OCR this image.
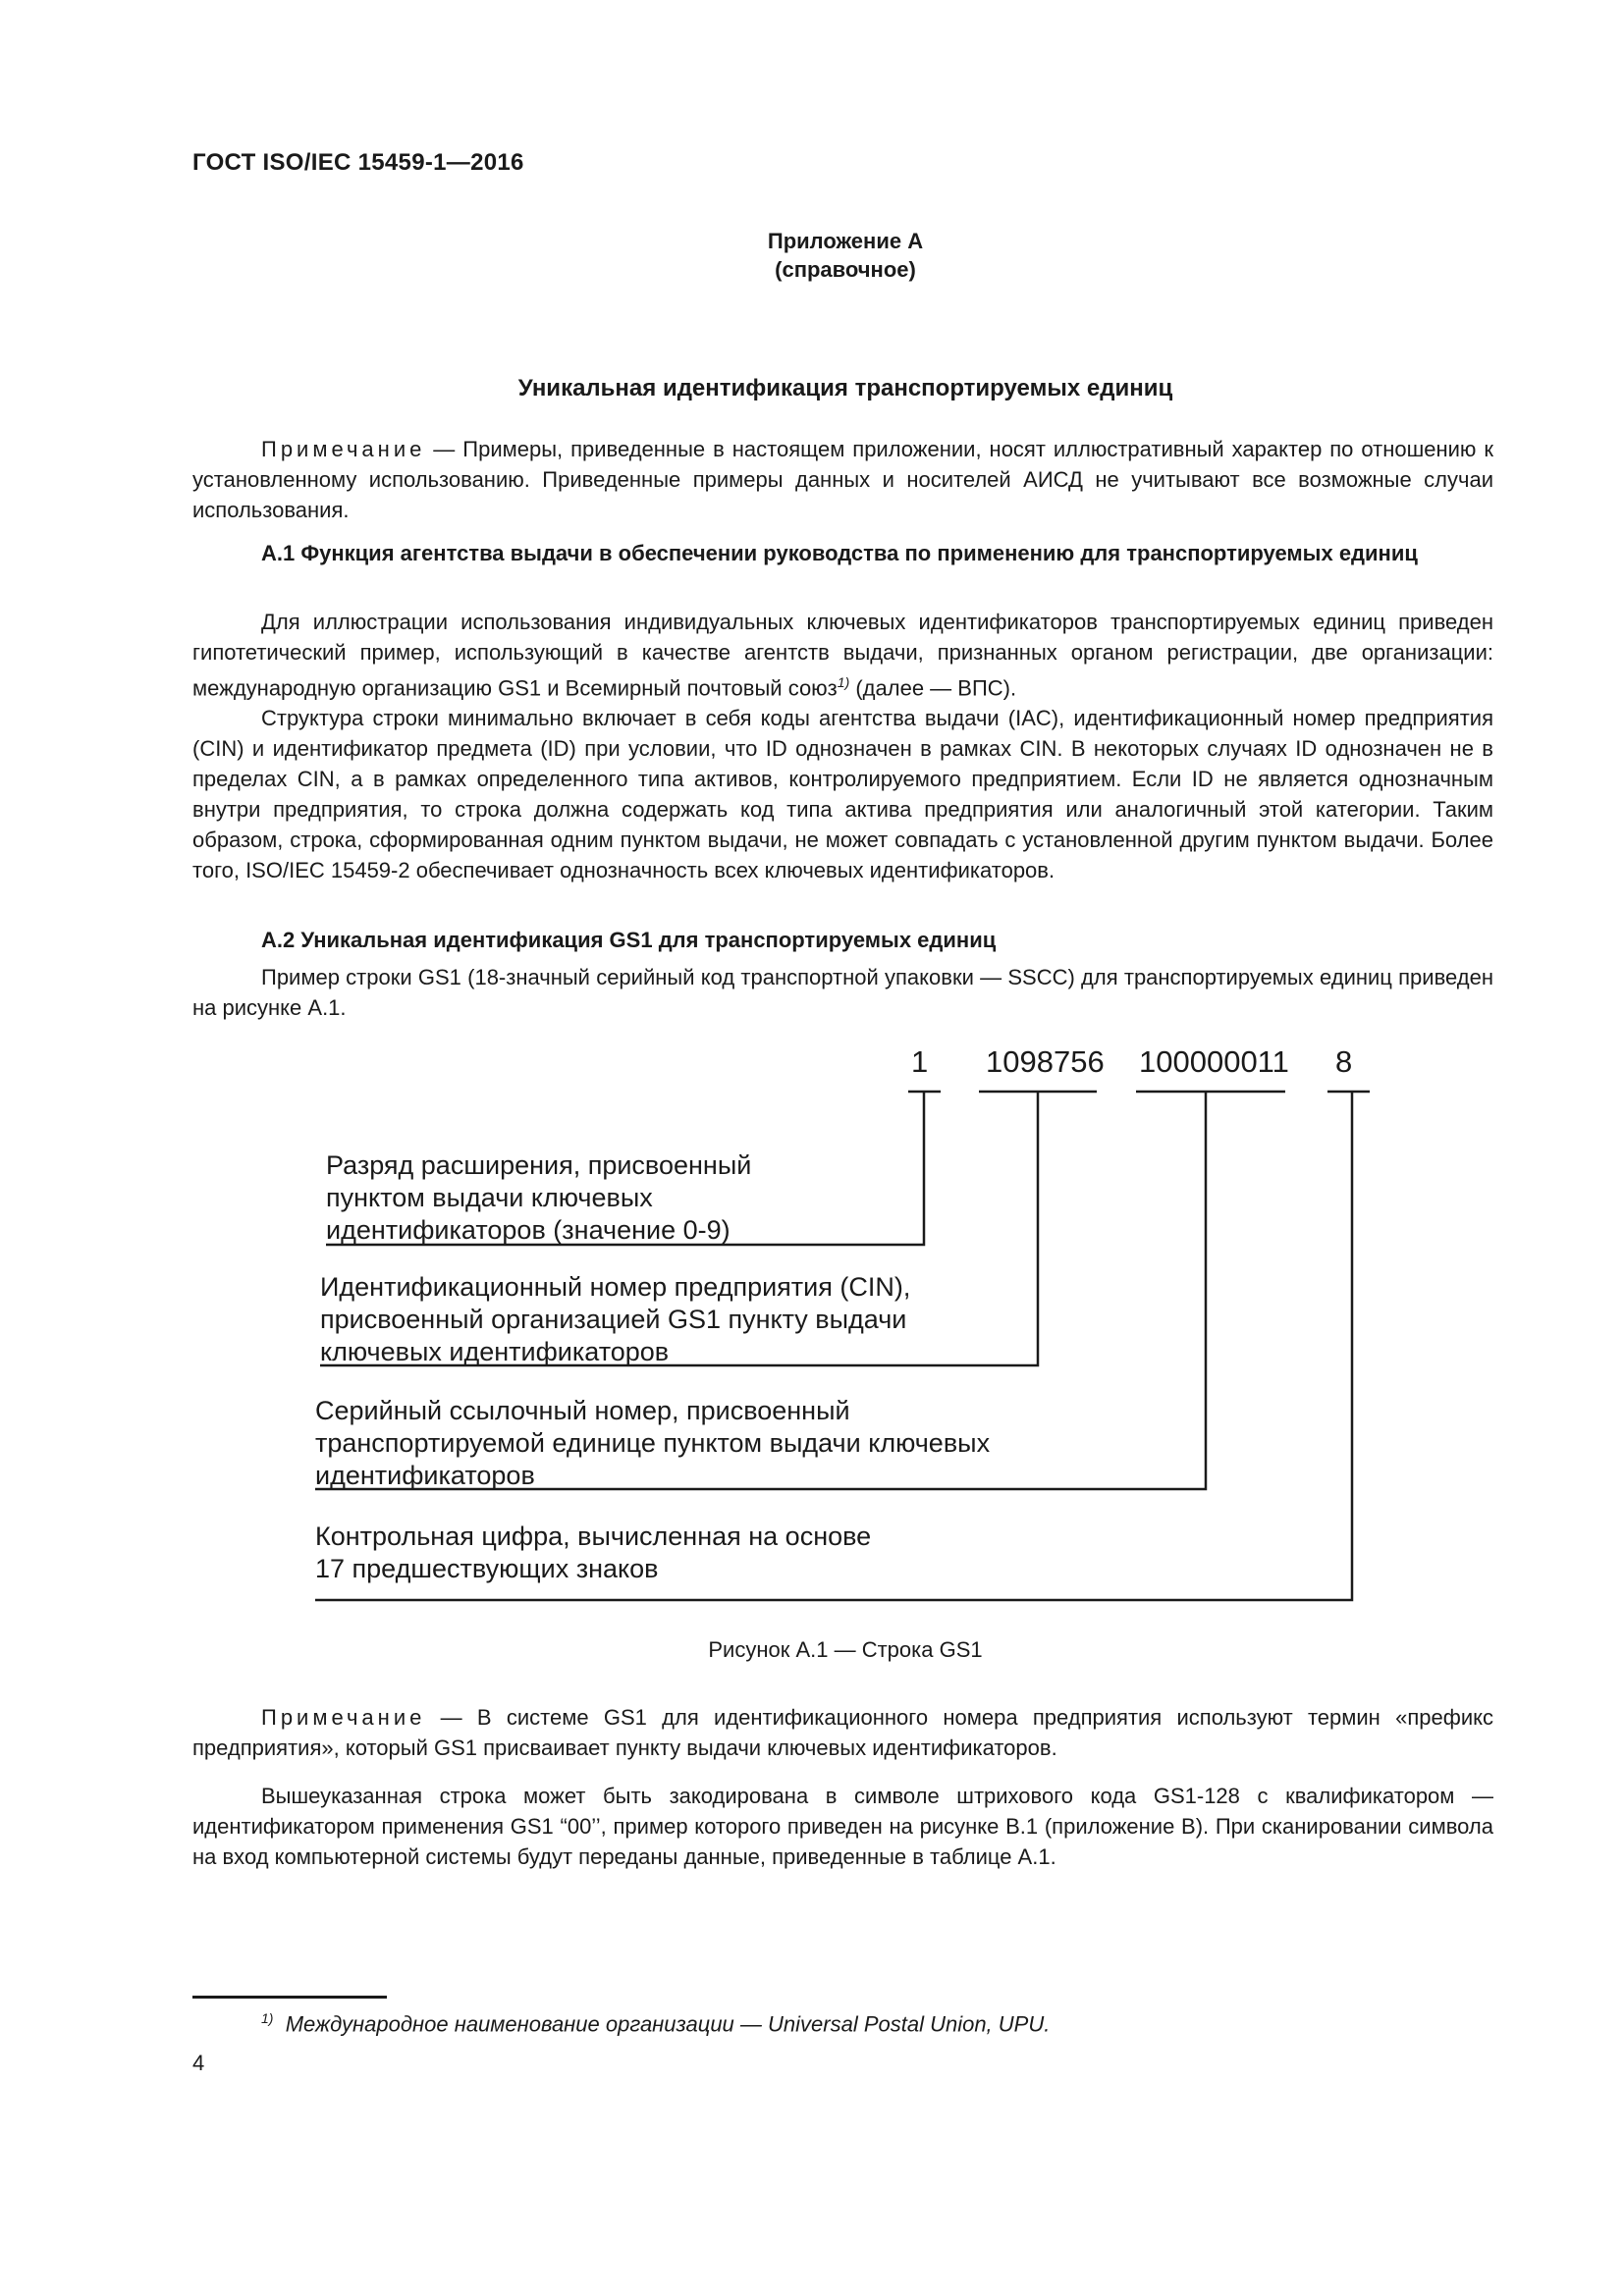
ГОСТ ISO/IEC 15459-1—2016
Приложение А
(справочное)
Уникальная идентификация транспортируемых единиц

Примечание — Примеры, приведенные в настоящем приложении, носят иллюстративный характер по отношению к установленному использованию. Приведенные примеры данных и носителей АИСД не учитывают все возможные случаи использования.

А.1 Функция агентства выдачи в обеспечении руководства по применению для транспортируемых единиц

Для иллюстрации использования индивидуальных ключевых идентификаторов транспортируемых единиц приведен гипотетический пример, использующий в качестве агентств выдачи, признанных органом регистрации, две организации: международную организацию GS1 и Всемирный почтовый союз$^{1)}$ (далее — ВПС).

Структура строки минимально включает в себя коды агентства выдачи (IAC), идентификационный номер предприятия (CIN) и идентификатор предмета (ID) при условии, что ID однозначен в рамках CIN. В некоторых случаях ID однозначен не в пределах CIN, а в рамках определенного типа активов, контролируемого предприятием. Если ID не является однозначным внутри предприятия, то строка должна содержать код типа актива предприятия или аналогичный этой категории. Таким образом, строка, сформированная одним пунктом выдачи, не может совпадать с установленной другим пунктом выдачи. Более того, ISO/IEC 15459-2 обеспечивает однозначность всех ключевых идентификаторов.

А.2 Уникальная идентификация GS1 для транспортируемых единиц

Пример строки GS1 (18-значный серийный код транспортной упаковки — SSCC) для транспортируемых единиц приведен на рисунке А.1.

1 1098756 100000011 8
Разряд расширения, присвоенный
пунктом выдачи ключевых
идентификаторов (значение 0-9)
Идентификационный номер предприятия (CIN),
присвоенный организацией GS1 пункту выдачи
ключевых идентификаторов
Серийный ссылочный номер, присвоенный
транспортируемой единице пунктом выдачи ключевых
идентификаторов
Контрольная цифра, вычисленная на основе
17 предшествующих знаков
Рисунок А.1 — Строка GS1

Примечание — В системе GS1 для идентификационного номера предприятия используют термин «префикс предприятия», который GS1 присваивает пункту выдачи ключевых идентификаторов.

Вышеуказанная строка может быть закодирована в символе штрихового кода GS1-128 с квалификатором — идентификатором применения GS1 “00’’, пример которого приведен на рисунке В.1 (приложение В). При сканировании символа на вход компьютерной системы будут переданы данные, приведенные в таблице А.1.

$^{1)}$ Международное наименование организации — Universal Postal Union, UPU.
4
